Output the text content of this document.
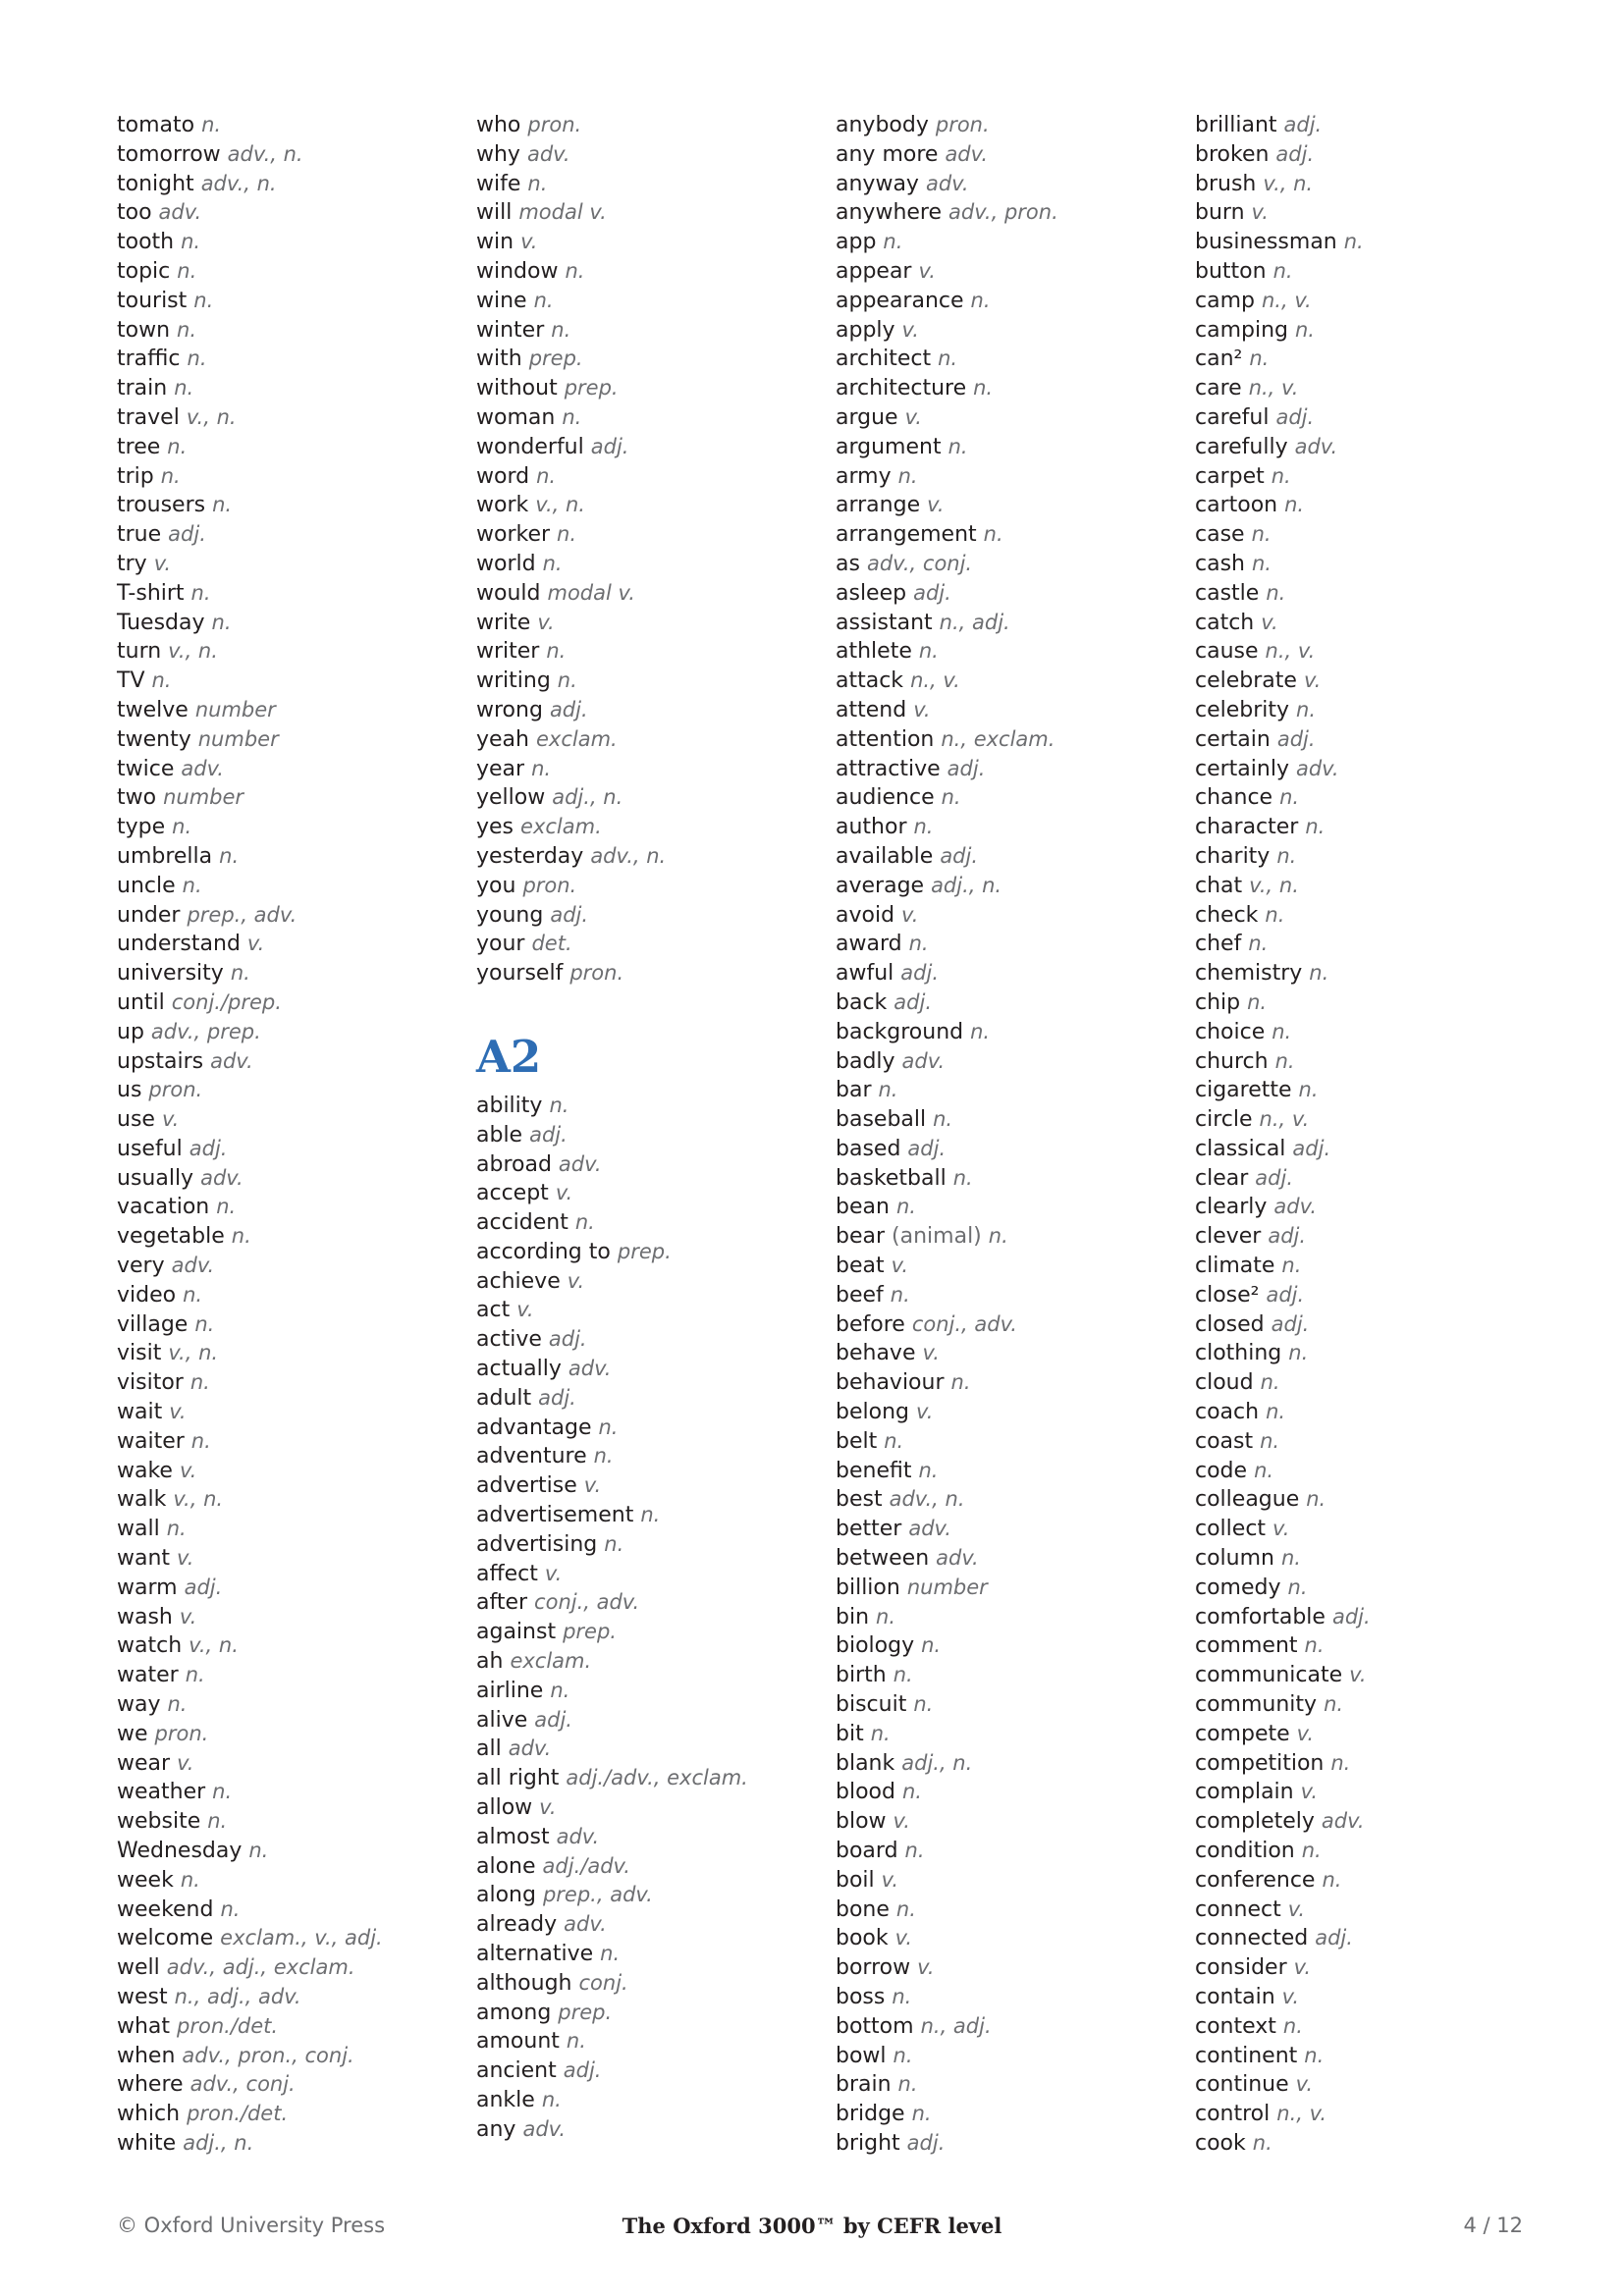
tomato n.
tomorrow adv., n.
tonight adv., n.
too adv.
tooth n.
topic n.
tourist n.
town n.
traffic n.
train n.
travel v., n.
tree n.
trip n.
trousers n.
true adj.
try v.
T-shirt n.
Tuesday n.
turn v., n.
TV n.
twelve number
twenty number
twice adv.
two number
type n.
umbrella n.
uncle n.
under prep., adv.
understand v.
university n.
until conj./prep.
up adv., prep.
upstairs adv.
us pron.
use v.
useful adj.
usually adv.
vacation n.
vegetable n.
very adv.
video n.
village n.
visit v., n.
visitor n.
wait v.
waiter n.
wake v.
walk v., n.
wall n.
want v.
warm adj.
wash v.
watch v., n.
water n.
way n.
we pron.
wear v.
weather n.
website n.
Wednesday n.
week n.
weekend n.
welcome exclam., v., adj.
well adv., adj., exclam.
west n., adj., adv.
what pron./det.
when adv., pron., conj.
where adv., conj.
which pron./det.
white adj., n.
who pron.
why adv.
wife n.
will modal v.
win v.
window n.
wine n.
winter n.
with prep.
without prep.
woman n.
wonderful adj.
word n.
work v., n.
worker n.
world n.
would modal v.
write v.
writer n.
writing n.
wrong adj.
yeah exclam.
year n.
yellow adj., n.
yes exclam.
yesterday adv., n.
you pron.
young adj.
your det.
yourself pron.
A2
ability n.
able adj.
abroad adv.
accept v.
accident n.
according to prep.
achieve v.
act v.
active adj.
actually adv.
adult adj.
advantage n.
adventure n.
advertise v.
advertisement n.
advertising n.
affect v.
after conj., adv.
against prep.
ah exclam.
airline n.
alive adj.
all adv.
all right adj./adv., exclam.
allow v.
almost adv.
alone adj./adv.
along prep., adv.
already adv.
alternative n.
although conj.
among prep.
amount n.
ancient adj.
ankle n.
any adv.
anybody pron.
any more adv.
anyway adv.
anywhere adv., pron.
app n.
appear v.
appearance n.
apply v.
architect n.
architecture n.
argue v.
argument n.
army n.
arrange v.
arrangement n.
as adv., conj.
asleep adj.
assistant n., adj.
athlete n.
attack n., v.
attend v.
attention n., exclam.
attractive adj.
audience n.
author n.
available adj.
average adj., n.
avoid v.
award n.
awful adj.
back adj.
background n.
badly adv.
bar n.
baseball n.
based adj.
basketball n.
bean n.
bear (animal) n.
beat v.
beef n.
before conj., adv.
behave v.
behaviour n.
belong v.
belt n.
benefit n.
best adv., n.
better adv.
between adv.
billion number
bin n.
biology n.
birth n.
biscuit n.
bit n.
blank adj., n.
blood n.
blow v.
board n.
boil v.
bone n.
book v.
borrow v.
boss n.
bottom n., adj.
bowl n.
brain n.
bridge n.
bright adj.
brilliant adj.
broken adj.
brush v., n.
burn v.
businessman n.
button n.
camp n., v.
camping n.
can² n.
care n., v.
careful adj.
carefully adv.
carpet n.
cartoon n.
case n.
cash n.
castle n.
catch v.
cause n., v.
celebrate v.
celebrity n.
certain adj.
certainly adv.
chance n.
character n.
charity n.
chat v., n.
check n.
chef n.
chemistry n.
chip n.
choice n.
church n.
cigarette n.
circle n., v.
classical adj.
clear adj.
clearly adv.
clever adj.
climate n.
close² adj.
closed adj.
clothing n.
cloud n.
coach n.
coast n.
code n.
colleague n.
collect v.
column n.
comedy n.
comfortable adj.
comment n.
communicate v.
community n.
compete v.
competition n.
complain v.
completely adv.
condition n.
conference n.
connect v.
connected adj.
consider v.
contain v.
context n.
continent n.
continue v.
control n., v.
cook n.
© Oxford University Press	The Oxford 3000™ by CEFR level	4 / 12
